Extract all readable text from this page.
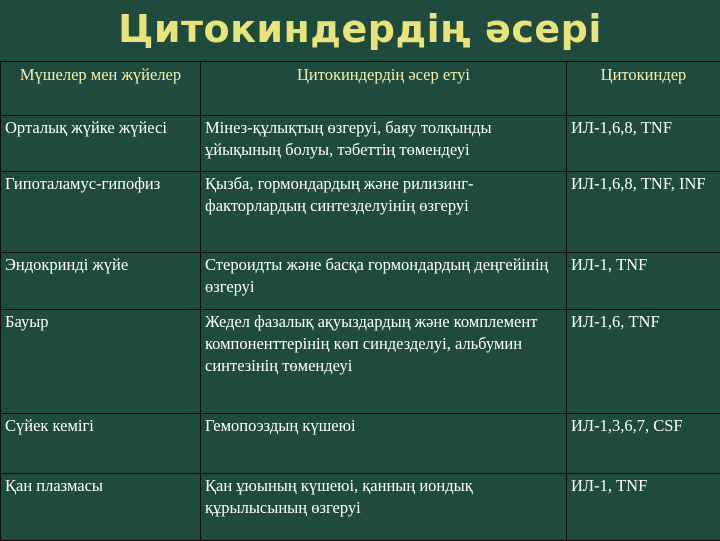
Цитокиндердің әсері
Мүшелер мен жүйелер	Цитокиндердің әсер етуі	Цитокиндер
Орталық жүйке жүйесі	Мінез-құлықтың өзгеруі, баяу толқынды ұйықының болуы, тәбеттің төмендеуі	ИЛ-1,6,8, TNF
Гипоталамус-гипофиз	Қызба, гормондардың және рилизинг-факторлардың синтезделуінің өзгеруі	ИЛ-1,6,8, TNF, INF
Эндокринді жүйе	Стероидты және басқа гормондардың деңгейінің өзгеруі	ИЛ-1, TNF
Бауыр	Жедел фазалық ақуыздардың және комплемент компоненттерінің көп синдезделуі, альбумин синтезінің төмендеуі	ИЛ-1,6, TNF
Сүйек кемігі	Гемопоэздың күшеюі	ИЛ-1,3,6,7, CSF
Қан плазмасы	Қан ұюының күшеюі, қанның иондық құрылысының өзгеруі	ИЛ-1, TNF
